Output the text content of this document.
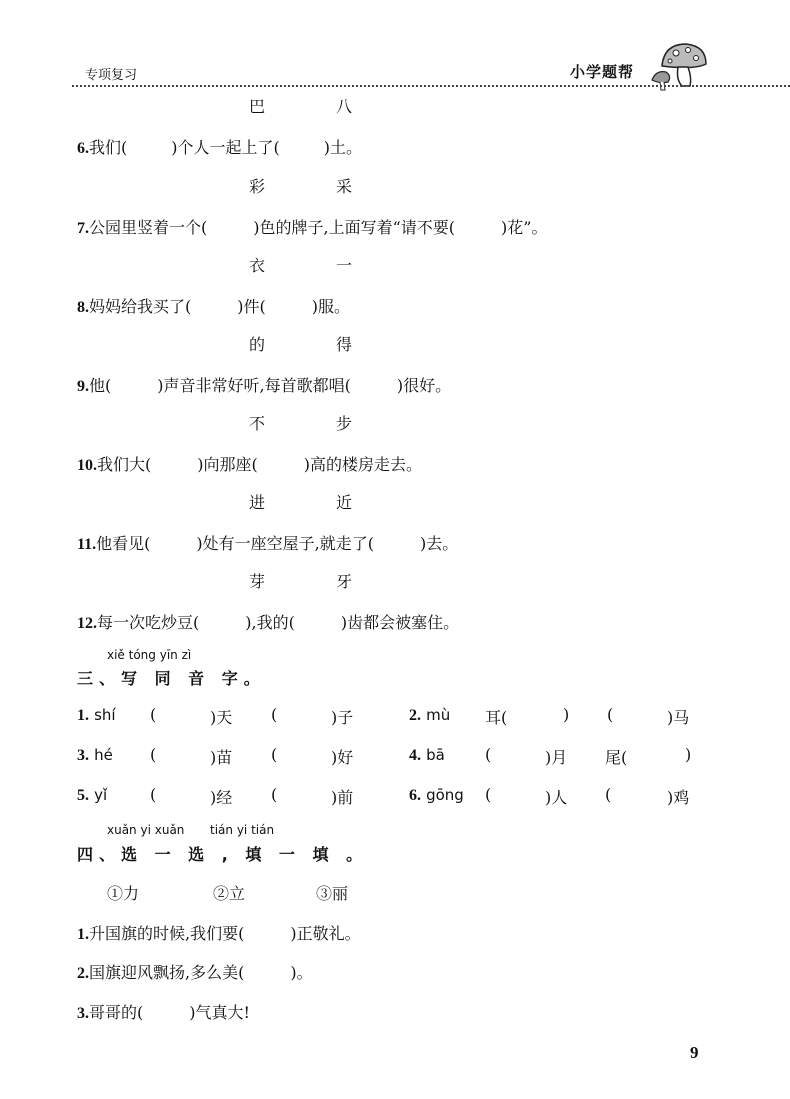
专项复习	小学题帮
巴	八
彩	采
衣	一
的	得
不	步
进	近
芽	牙
6.我们(	)个人一起上了(	)土。
7.公园里竖着一个(	)色的牌子,上面写着“请不要(	)花”。
8.妈妈给我买了(	)件(	)服。
9.他(	)声音非常好听,每首歌都唱(	)很好。
10.我们大(	)向那座(	)高的楼房走去。
11.他看见(	)处有一座空屋子,就走了(	)去。
12.每一次吃炒豆(	),我的(	)齿都会被塞住。
xiě tóng yīn zì
三、写 同 音 字。
1. shí (	)天 (	)子	2. mù 耳(	) (	)马
3. hé (	)苗 (	)好	4. bā	(	)月 尾(	)
5. yǐ	(	)经 (	)前	6. gōng (	)人 (	)鸡
xuǎn yi xuǎn tián yi tián
四、选 一 选 , 填 一 填 。
①力	②立	③丽
1.升国旗的时候,我们要(	)正敬礼。
2.国旗迎风飘扬,多么美(	)。
3.哥哥的(	)气真大!
9
